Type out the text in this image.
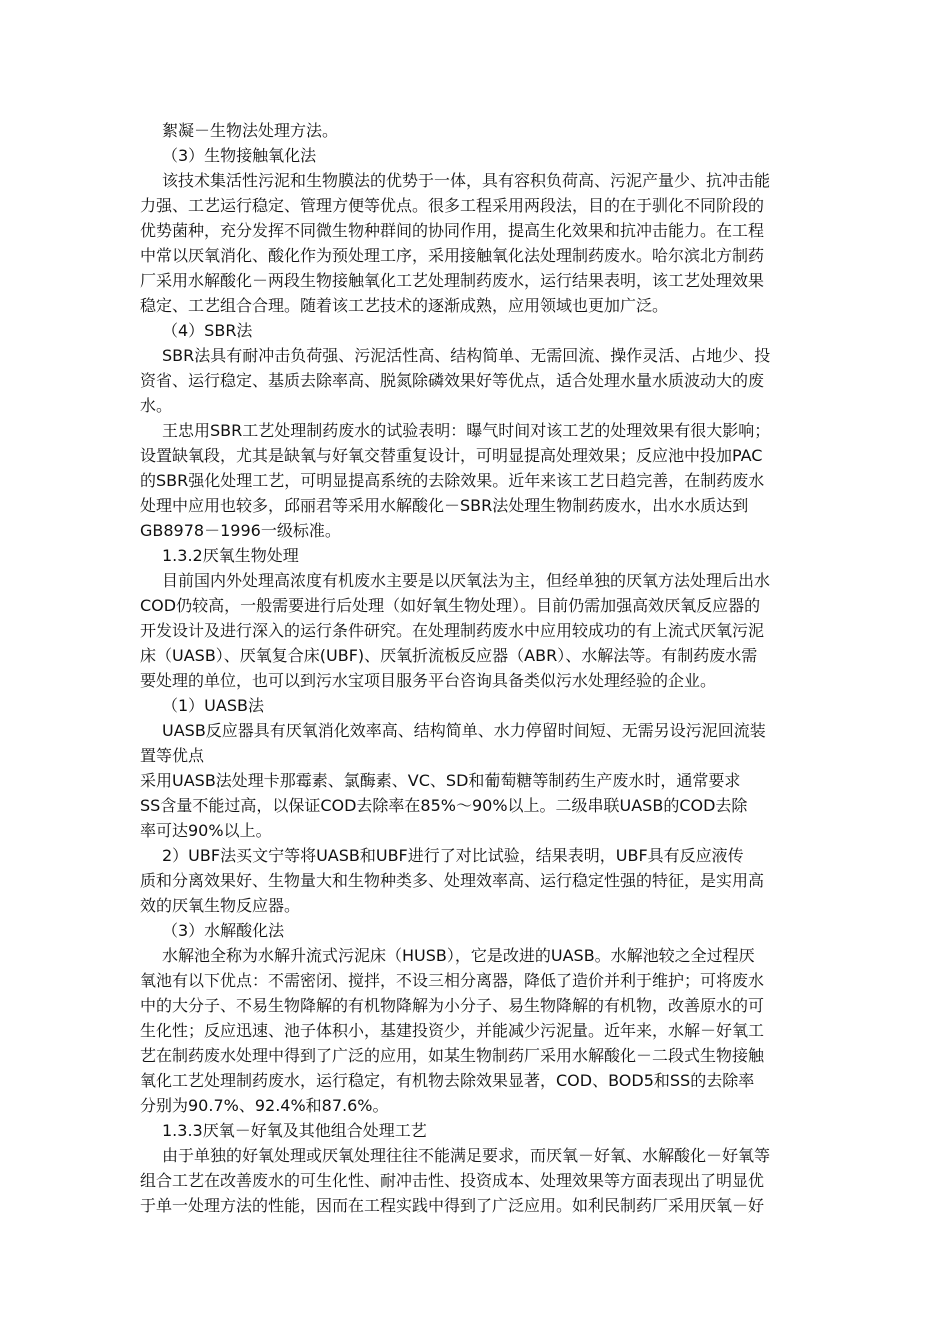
絮凝－生物法处理方法。
（3）生物接触氧化法
该技术集活性污泥和生物膜法的优势于一体，具有容积负荷高、污泥产量少、抗冲击能
力强、工艺运行稳定、管理方便等优点。很多工程采用两段法，目的在于驯化不同阶段的
优势菌种，充分发挥不同微生物种群间的协同作用，提高生化效果和抗冲击能力。在工程
中常以厌氧消化、酸化作为预处理工序，采用接触氧化法处理制药废水。哈尔滨北方制药
厂采用水解酸化－两段生物接触氧化工艺处理制药废水，运行结果表明，该工艺处理效果
稳定、工艺组合合理。随着该工艺技术的逐渐成熟，应用领域也更加广泛。
（4）SBR法
SBR法具有耐冲击负荷强、污泥活性高、结构简单、无需回流、操作灵活、占地少、投
资省、运行稳定、基质去除率高、脱氮除磷效果好等优点，适合处理水量水质波动大的废
水。
王忠用SBR工艺处理制药废水的试验表明：曝气时间对该工艺的处理效果有很大影响；
设置缺氧段，尤其是缺氧与好氧交替重复设计，可明显提高处理效果；反应池中投加PAC
的SBR强化处理工艺，可明显提高系统的去除效果。近年来该工艺日趋完善，在制药废水
处理中应用也较多，邱丽君等采用水解酸化－SBR法处理生物制药废水，出水水质达到
GB8978－1996一级标准。
1.3.2厌氧生物处理
目前国内外处理高浓度有机废水主要是以厌氧法为主，但经单独的厌氧方法处理后出水
COD仍较高，一般需要进行后处理（如好氧生物处理）。目前仍需加强高效厌氧反应器的
开发设计及进行深入的运行条件研究。在处理制药废水中应用较成功的有上流式厌氧污泥
床（UASB）、厌氧复合床(UBF)、厌氧折流板反应器（ABR）、水解法等。有制药废水需
要处理的单位，也可以到污水宝项目服务平台咨询具备类似污水处理经验的企业。
（1）UASB法
UASB反应器具有厌氧消化效率高、结构简单、水力停留时间短、无需另设污泥回流装
置等优点
采用UASB法处理卡那霉素、氯酶素、VC、SD和葡萄糖等制药生产废水时，通常要求
SS含量不能过高，以保证COD去除率在85%～90%以上。二级串联UASB的COD去除
率可达90%以上。
2）UBF法买文宁等将UASB和UBF进行了对比试验，结果表明，UBF具有反应液传
质和分离效果好、生物量大和生物种类多、处理效率高、运行稳定性强的特征，是实用高
效的厌氧生物反应器。
（3）水解酸化法
水解池全称为水解升流式污泥床（HUSB），它是改进的UASB。水解池较之全过程厌
氧池有以下优点：不需密闭、搅拌，不设三相分离器，降低了造价并利于维护；可将废水
中的大分子、不易生物降解的有机物降解为小分子、易生物降解的有机物，改善原水的可
生化性；反应迅速、池子体积小，基建投资少，并能减少污泥量。近年来，水解－好氧工
艺在制药废水处理中得到了广泛的应用，如某生物制药厂采用水解酸化－二段式生物接触
氧化工艺处理制药废水，运行稳定，有机物去除效果显著，COD、BOD5和SS的去除率
分别为90.7%、92.4%和87.6%。
1.3.3厌氧－好氧及其他组合处理工艺
由于单独的好氧处理或厌氧处理往往不能满足要求，而厌氧－好氧、水解酸化－好氧等
组合工艺在改善废水的可生化性、耐冲击性、投资成本、处理效果等方面表现出了明显优
于单一处理方法的性能，因而在工程实践中得到了广泛应用。如利民制药厂采用厌氧－好
